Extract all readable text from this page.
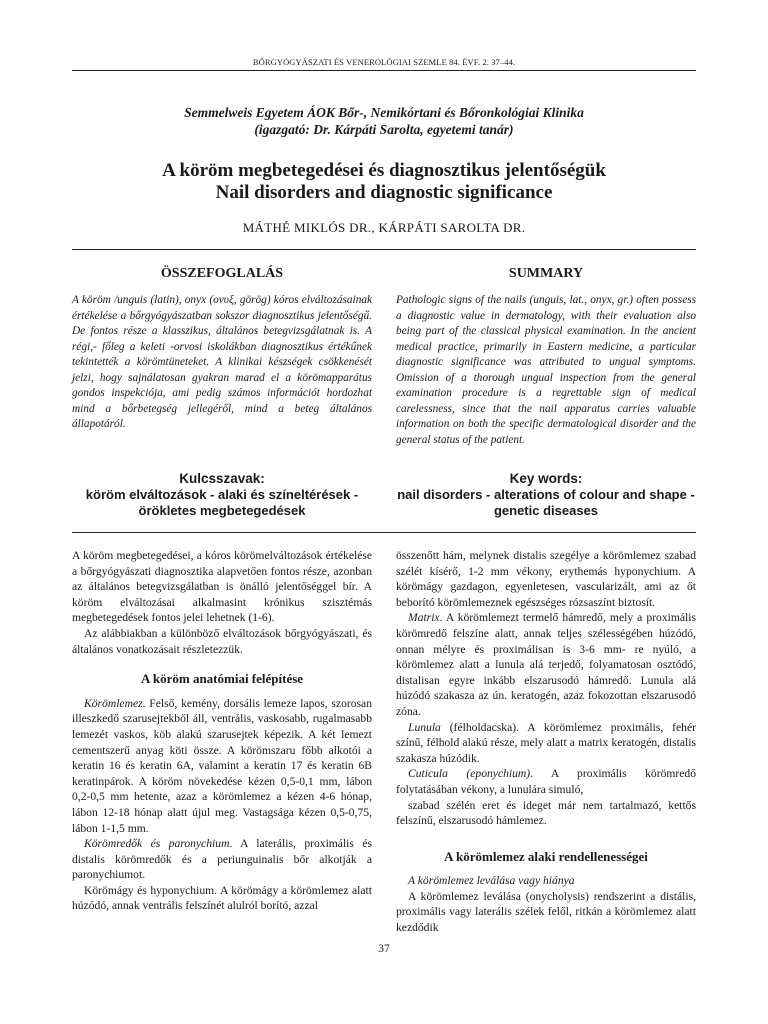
BŐRGYÓGYÁSZATI ÉS VENEROLÓGIAI SZEMLE 84. ÉVF. 2. 37–44.
Semmelweis Egyetem ÁOK Bőr-, Nemikórtani és Bőronkológiai Klinika
(igazgató: Dr. Kárpáti Sarolta, egyetemi tanár)
A köröm megbetegedései és diagnosztikus jelentőségük
Nail disorders and diagnostic significance
MÁTHÉ MIKLÓS DR., KÁRPÁTI SAROLTA DR.
ÖSSZEFOGLALÁS	SUMMARY
A köröm /unguis (latin), onyx (ονυξ, görög) kóros elváltozásainak értékelése a bőrgyógyászatban sokszor diagnosztikus jelentőségű. De fontos része a klasszikus, általános betegvizsgálatnak is. A régi,- főleg a keleti -orvosi iskolákban diagnosztikus értékűnek tekintették a körömtüneteket. A klinikai készségek csökkenését jelzi, hogy sajnálatosan gyakran marad el a körömapparátus gondos inspekciója, ami pedig számos információt hordozhat mind a bőrbetegség jellegéről, mind a beteg általános állapotáról.
Pathologic signs of the nails (unguis, lat., onyx, gr.) often possess a diagnostic value in dermatology, with their evaluation also being part of the classical physical examination. In the ancient medical practice, primarily in Eastern medicine, a particular diagnostic significance was attributed to ungual symptoms. Omission of a thorough ungual inspection from the general examination procedure is a regrettable sign of medical carelessness, since that the nail apparatus carries valuable information on both the specific dermatological disorder and the general status of the patient.
Kulcsszavak:
köröm elváltozások - alaki és színeltérések - örökletes megbetegedések
Key words:
nail disorders - alterations of colour and shape - genetic diseases

A köröm megbetegedései, a kóros körömelváltozások értékelése a bőrgyógyászati diagnosztika alapvetően fontos része, azonban az általános betegvizsgálatban is önálló jelentőséggel bír. A köröm elváltozásai alkalmasint krónikus szisztémás megbetegedések fontos jelei lehetnek (1-6).

Az alábbiakban a különböző elváltozások bőrgyógyászati, és általános vonatkozásait részletezzük.

A köröm anatómiai felépítése

Körömlemez. Felső, kemény, dorsális lemeze lapos, szorosan illeszkedő szarusejtekből áll, ventrális, vaskosabb, rugalmasabb lemezét vaskos, köb alakú szarusejtek képezik. A két lemezt cementszerű anyag köti össze. A körömszaru főbb alkotói a keratin 16 és keratin 6A, valamint a keratin 17 és keratin 6B keratinpárok. A köröm növekedése kézen 0,5-0,1 mm, lábon 0,2-0,5 mm hetente, azaz a körömlemez a kézen 4-6 hónap, lábon 12-18 hónap alatt újul meg. Vastagsága kézen 0,5-0,75, lábon 1-1,5 mm.

Körömredők és paronychium. A laterális, proximális és distalis körömredők és a periunguinalis bőr alkotják a paronychiumot.

Körömágy és hyponychium. A körömágy a körömlemez alatt húzódó, annak ventrális felszínét alulról borító, azzal

összenőtt hám, melynek distalis szegélye a körömlemez szabad szélét kísérő, 1-2 mm vékony, erythemás hyponychium. A körömágy gazdagon, egyenletesen, vascularizált, ami az őt beborító körömlemeznek egészséges rózsaszínt biztosít.

Matrix. A körömlemezt termelő hámredő, mely a proximális körömredő felszíne alatt, annak teljes szélességében húzódó, onnan mélyre és proximálisan is 3-6 mm- re nyúló, a körömlemez alatt a lunula alá terjedő, folyamatosan osztódó, distalisan egyre inkább elszarusodó hámredő. Lunula alá húzódó szakasza az ún. keratogén, azaz fokozottan elszarusodó zóna.

Lunula (félholdacska). A körömlemez proximális, fehér színű, félhold alakú része, mely alatt a matrix keratogén, distalis szakasza húzódik.

Cuticula (eponychium). A proximális körömredő folytatásában vékony, a lunulára simuló,

szabad szélén eret és ideget már nem tartalmazó, kettős felszínű, elszarusodó hámlemez.

A körömlemez alaki rendellenességei

A körömlemez leválása vagy hiánya

A körömlemez leválása (onycholysis) rendszerint a distális, proximális vagy laterális szélek felől, ritkán a körömlemez alatt kezdődik

37
